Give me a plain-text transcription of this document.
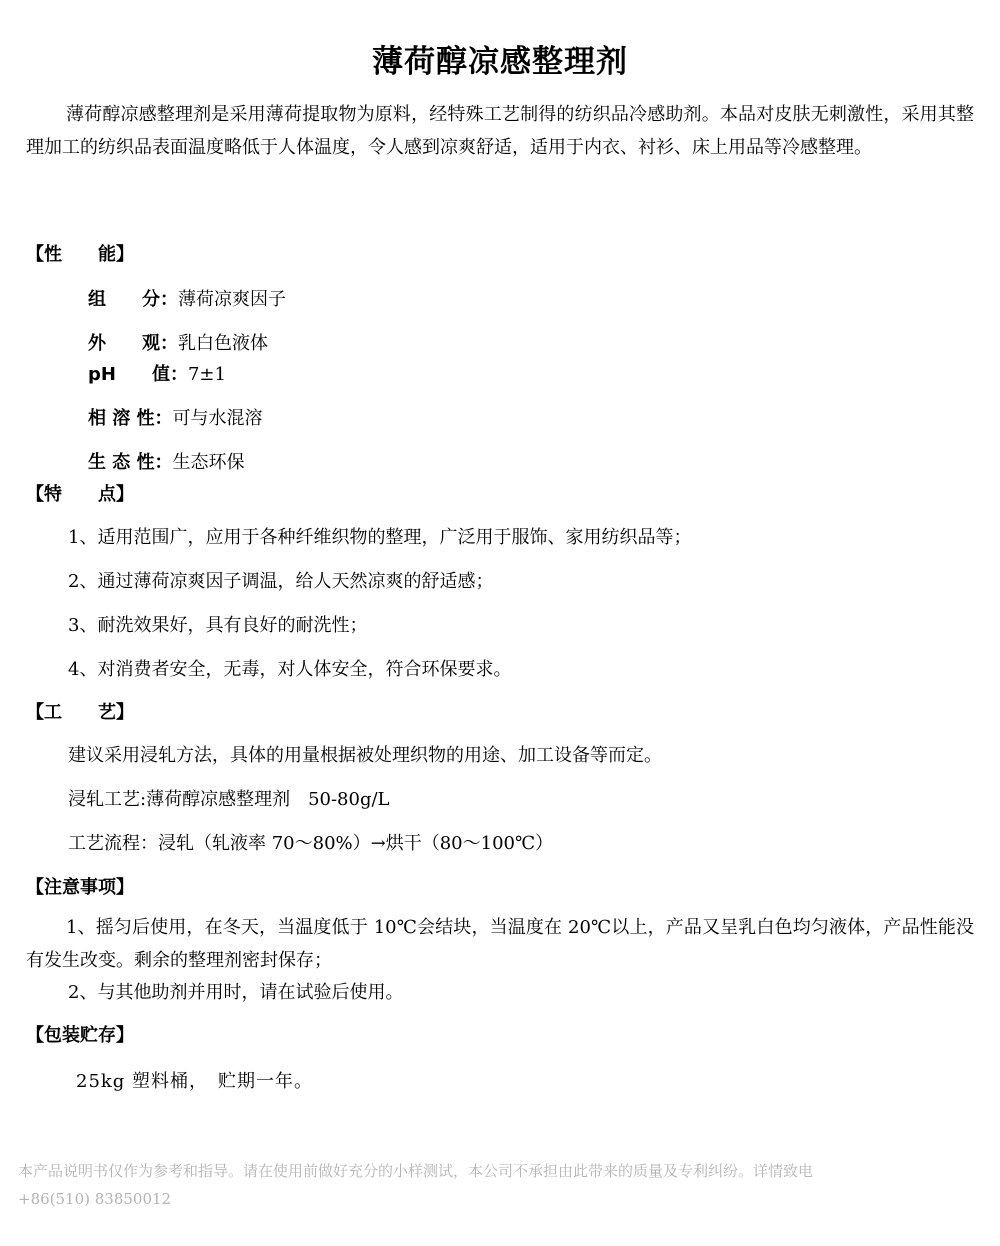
薄荷醇凉感整理剂
薄荷醇凉感整理剂是采用薄荷提取物为原料，经特殊工艺制得的纺织品冷感助剂。本品对皮肤无刺激性，采用其整理加工的纺织品表面温度略低于人体温度，令人感到凉爽舒适，适用于内衣、衬衫、床上用品等冷感整理。
【性　　能】
组　　分：薄荷凉爽因子
外　　观：乳白色液体
pH　　值：7±1
相 溶 性：可与水混溶
生 态 性：生态环保
【特　　点】
1、适用范围广，应用于各种纤维织物的整理，广泛用于服饰、家用纺织品等；
2、通过薄荷凉爽因子调温，给人天然凉爽的舒适感；
3、耐洗效果好，具有良好的耐洗性；
4、对消费者安全，无毒，对人体安全，符合环保要求。
【工　　艺】
建议采用浸轧方法，具体的用量根据被处理织物的用途、加工设备等而定。
浸轧工艺:薄荷醇凉感整理剂　50-80g/L
工艺流程：浸轧（轧液率 70～80%）→烘干（80～100℃）
【注意事项】
1、摇匀后使用，在冬天，当温度低于 10℃会结块，当温度在 20℃以上，产品又呈乳白色均匀液体，产品性能没有发生改变。剩余的整理剂密封保存；
2、与其他助剂并用时，请在试验后使用。
【包装贮存】
25kg 塑料桶，　贮期一年。
本产品说明书仅作为参考和指导。请在使用前做好充分的小样测试，本公司不承担由此带来的质量及专利纠纷。详情致电
+86(510) 83850012
